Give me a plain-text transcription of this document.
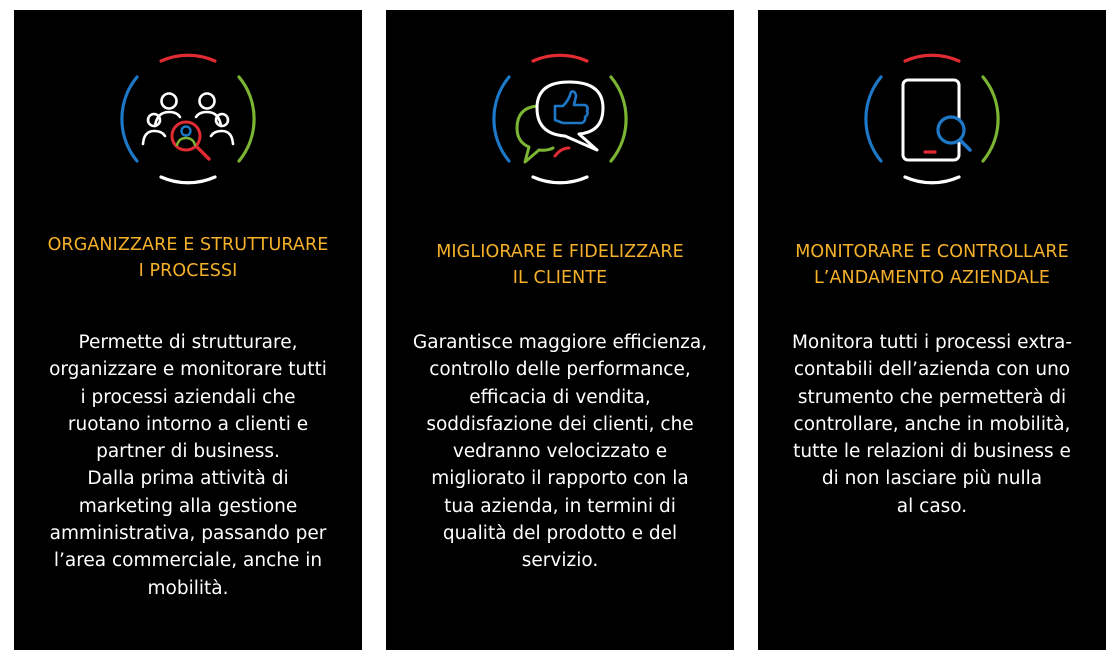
ORGANIZZARE E STRUTTURARE
I PROCESSI
Permette di strutturare,
organizzare e monitorare tutti
i processi aziendali che
ruotano intorno a clienti e
partner di business.
Dalla prima attività di
marketing alla gestione
amministrativa, passando per
l’area commerciale, anche in
mobilità.
MIGLIORARE E FIDELIZZARE
IL CLIENTE
Garantisce maggiore efficienza,
controllo delle performance,
efficacia di vendita,
soddisfazione dei clienti, che
vedranno velocizzato e
migliorato il rapporto con la
tua azienda, in termini di
qualità del prodotto e del
servizio.
MONITORARE E CONTROLLARE
L’ANDAMENTO AZIENDALE
Monitora tutti i processi extra-
contabili dell’azienda con uno
strumento che permetterà di
controllare, anche in mobilità,
tutte le relazioni di business e
di non lasciare più nulla
al caso.
